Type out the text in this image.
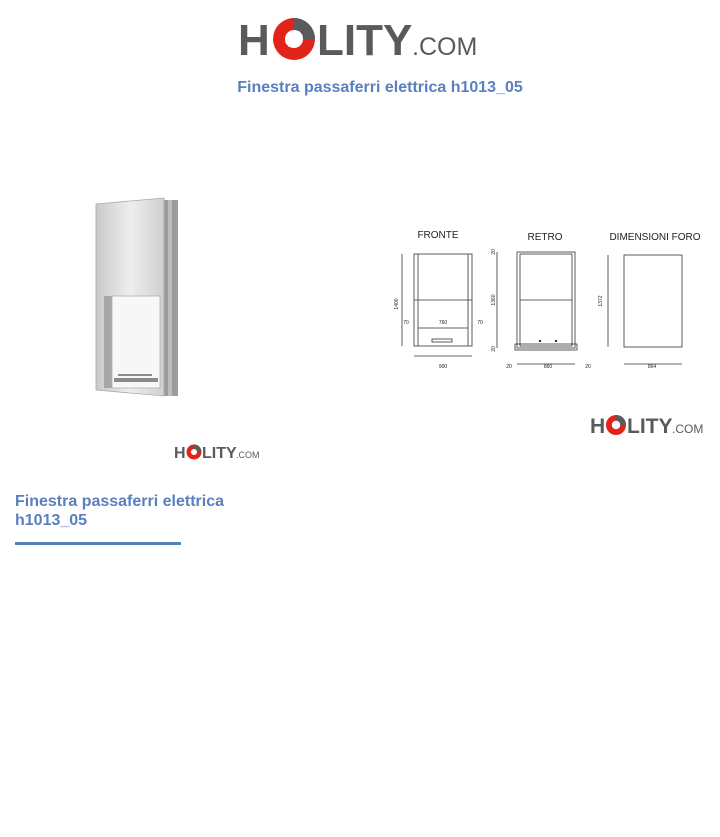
H LITY .COM
Finestra passaferri elettrica h1013_05
FRONTE	RETRO	DIMENSIONI FORO
1400
70	760	70
900
20
1360
20
20	860	20
1372
864
H LITY .COM
H LITY .COM
Finestra passaferri elettrica h1013_05
